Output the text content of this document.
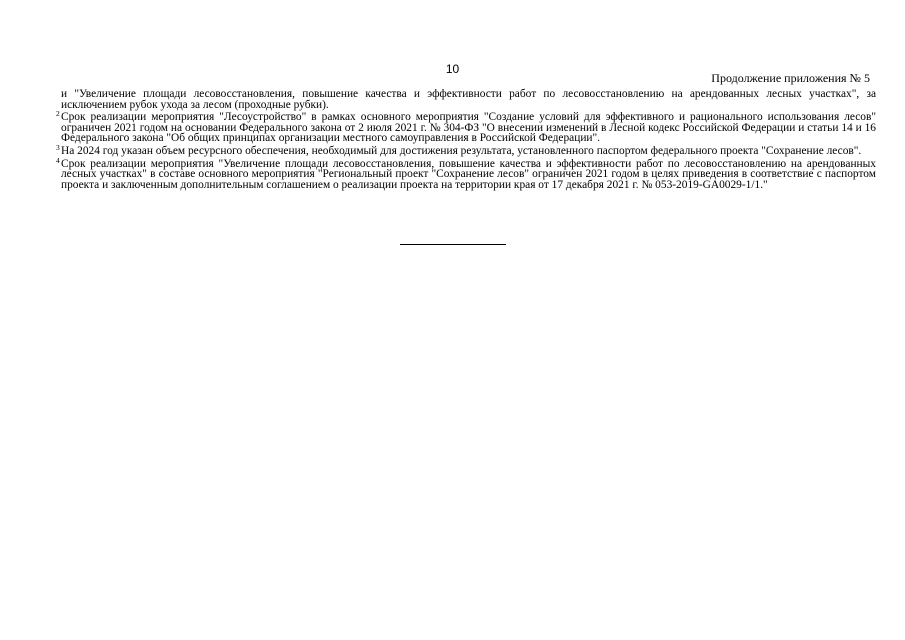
10
Продолжение приложения № 5

и "Увеличение площади лесовосстановления, повышение качества и эффективности работ по лесовосстановлению на арендованных лесных участках", за исключением рубок ухода за лесом (проходные рубки).

2 Срок реализации мероприятия "Лесоустройство" в рамках основного мероприятия "Создание условий для эффективного и рационального использования лесов" ограничен 2021 годом на основании Федерального закона от 2 июля 2021 г. № 304-ФЗ "О внесении изменений в Лесной кодекс Российской Федерации и статьи 14 и 16 Федерального закона "Об общих принципах организации местного самоуправления в Российской Федерации".

3 На 2024 год указан объем ресурсного обеспечения, необходимый для достижения результата, установленного паспортом федерального проекта "Сохранение лесов".

4 Срок реализации мероприятия "Увеличение площади лесовосстановления, повышение качества и эффективности работ по лесовосстановлению на арендованных лесных участках" в составе основного мероприятия "Региональный проект "Сохранение лесов" ограничен 2021 годом в целях приведения в соответствие с паспортом проекта и заключенным дополнительным соглашением о реализации проекта на территории края от 17 декабря 2021 г. № 053-2019-GA0029-1/1."
